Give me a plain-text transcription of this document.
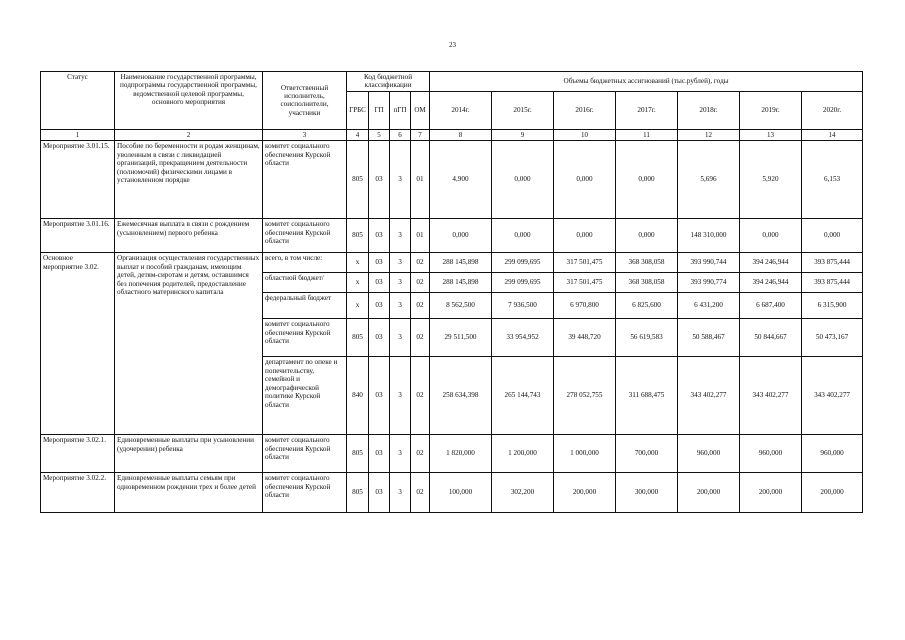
23
Статус	Наименование государственной программы, подпрограммы государственной программы, ведомственной целевой программы, основного мероприятия	Ответственный исполнитель, соисполнители, участники	Код бюджетной классификации				Объемы бюджетных ассигнований (тыс.рублей), годы						
			ГРБС	ГП	пГП	ОМ	2014г.	2015г.	2016г.	2017г.	2018г.	2019г.	2020г.
1	2	3	4	5	6	7	8	9	10	11	12	13	14
Мероприятие 3.01.15.	Пособие по беременности и родам женщинам, уволенным в связи с ликвидацией организаций, прекращением деятельности (полномочий) физическими лицами в установленном порядке	комитет социального обеспечения Курской области	805	03	3	01	4,900	0,000	0,000	0,000	5,696	5,920	6,153
Мероприятие 3.01.16.	Ежемесячная выплата в связи с рождением (усыновлением) первого ребенка	комитет социального обеспечения Курской области	805	03	3	01	0,000	0,000	0,000	0,000	148 310,000	0,000	0,000
Основное мероприятие 3.02.	Организация осуществления государственных выплат и пособий гражданам, имеющим детей, детям-сиротам и детям, оставшимся без попечения родителей, предоставление областного материнского капитала	всего, в том числе:	x	03	3	02	288 145,898	299 099,695	317 501,475	368 308,058	393 990,744	394 246,944	393 875,444
		областной бюджет/	x	03	3	02	288 145,898	299 099,695	317 501,475	368 308,058	393 990,774	394 246,944	393 875,444
		федеральный бюджет	x	03	3	02	8 562,500	7 936,500	6 970,800	6 825,600	6 431,200	6 687,400	6 315,900
		комитет социального обеспечения Курской области	805	03	3	02	29 511,500	33 954,952	39 448,720	56 619,583	50 588,467	50 844,667	50 473,167
		департамент по опеке и попечительству, семейной и демографической политике Курской области	840	03	3	02	258 634,398	265 144,743	278 052,755	311 688,475	343 402,277	343 402,277	343 402,277
Мероприятие 3.02.1.	Единовременные выплаты при усыновлении (удочерении) ребенка	комитет социального обеспечения Курской области	805	03	3	02	1 820,000	1 200,000	1 000,000	700,000	960,000	960,000	960,000
Мероприятие 3.02.2.	Единовременные выплаты семьям при одновременном рождении трех и более детей	комитет социального обеспечения Курской области	805	03	3	02	100,000	302,200	200,000	300,000	200,000	200,000	200,000
